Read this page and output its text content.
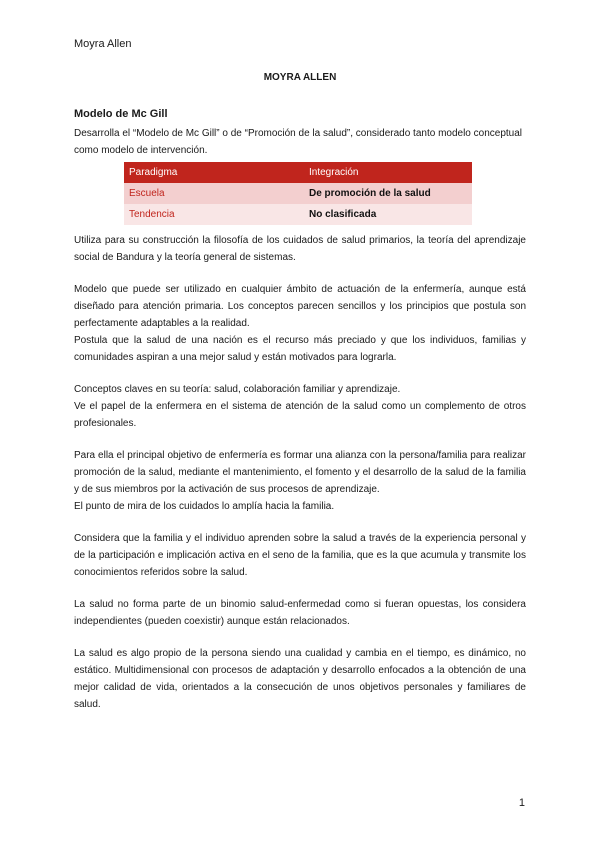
Moyra Allen
MOYRA ALLEN
Modelo de Mc Gill
Desarrolla el “Modelo de Mc Gill” o de “Promoción de la salud”, considerado tanto modelo conceptual como modelo de intervención.
Paradigma	Integración
Escuela	De promoción de la salud
Tendencia	No clasificada

Utiliza para su construcción la filosofía de los cuidados de salud primarios, la teoría del aprendizaje social de Bandura y la teoría general de sistemas.

Modelo que puede ser utilizado en cualquier ámbito de actuación de la enfermería, aunque está diseñado para atención primaria. Los conceptos parecen sencillos y los principios que postula son perfectamente adaptables a la realidad.

Postula que la salud de una nación es el recurso más preciado y que los individuos, familias y comunidades aspiran a una mejor salud y están motivados para lograrla.

Conceptos claves en su teoría: salud, colaboración familiar y aprendizaje.

Ve el papel de la enfermera en el sistema de atención de la salud como un complemento de otros profesionales.

Para ella el principal objetivo de enfermería es formar una alianza con la persona/familia para realizar promoción de la salud, mediante el mantenimiento, el fomento y el desarrollo de la salud de la familia y de sus miembros por la activación de sus procesos de aprendizaje.

El punto de mira de los cuidados lo amplía hacia la familia.

Considera que la familia y el individuo aprenden sobre la salud a través de la experiencia personal y de la participación e implicación activa en el seno de la familia, que es la que acumula y transmite los conocimientos referidos sobre la salud.

La salud no forma parte de un binomio salud-enfermedad como si fueran opuestas, los considera independientes (pueden coexistir) aunque están relacionados.

La salud es algo propio de la persona siendo una cualidad y cambia en el tiempo, es dinámico, no estático. Multidimensional con procesos de adaptación y desarrollo enfocados a la obtención de una mejor calidad de vida, orientados a la consecución de unos objetivos personales y familiares de salud.

1
